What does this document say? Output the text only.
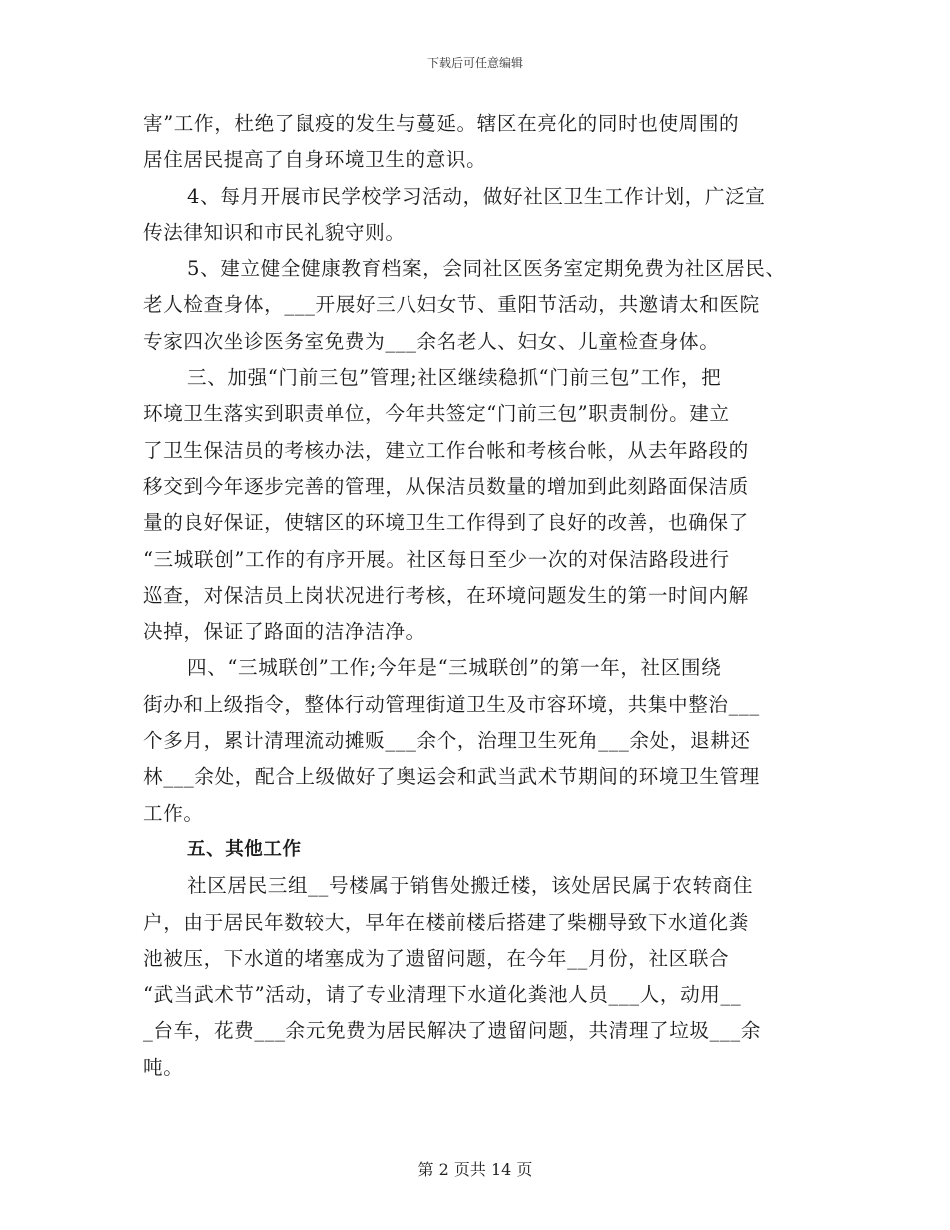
下载后可任意编辑
害”工作，杜绝了鼠疫的发生与蔓延。辖区在亮化的同时也使周围的
居住居民提高了自身环境卫生的意识。
4、每月开展市民学校学习活动，做好社区卫生工作计划，广泛宣
传法律知识和市民礼貌守则。
5、建立健全健康教育档案，会同社区医务室定期免费为社区居民、
老人检查身体，___开展好三八妇女节、重阳节活动，共邀请太和医院
专家四次坐诊医务室免费为___余名老人、妇女、儿童检查身体。
三、加强“门前三包”管理;社区继续稳抓“门前三包”工作，把
环境卫生落实到职责单位，今年共签定“门前三包”职责制份。建立
了卫生保洁员的考核办法，建立工作台帐和考核台帐，从去年路段的
移交到今年逐步完善的管理，从保洁员数量的增加到此刻路面保洁质
量的良好保证，使辖区的环境卫生工作得到了良好的改善，也确保了
“三城联创”工作的有序开展。社区每日至少一次的对保洁路段进行
巡查，对保洁员上岗状况进行考核，在环境问题发生的第一时间内解
决掉，保证了路面的洁净洁净。
四、“三城联创”工作;今年是“三城联创”的第一年，社区围绕
街办和上级指令，整体行动管理街道卫生及市容环境，共集中整治___
个多月，累计清理流动摊贩___余个，治理卫生死角___余处，退耕还
林___余处，配合上级做好了奥运会和武当武术节期间的环境卫生管理
工作。
五、其他工作
社区居民三组__号楼属于销售处搬迁楼，该处居民属于农转商住
户，由于居民年数较大，早年在楼前楼后搭建了柴棚导致下水道化粪
池被压，下水道的堵塞成为了遗留问题，在今年__月份，社区联合
“武当武术节”活动，请了专业清理下水道化粪池人员___人，动用__
_台车，花费___余元免费为居民解决了遗留问题，共清理了垃圾___余
吨。
第 2 页共 14 页
